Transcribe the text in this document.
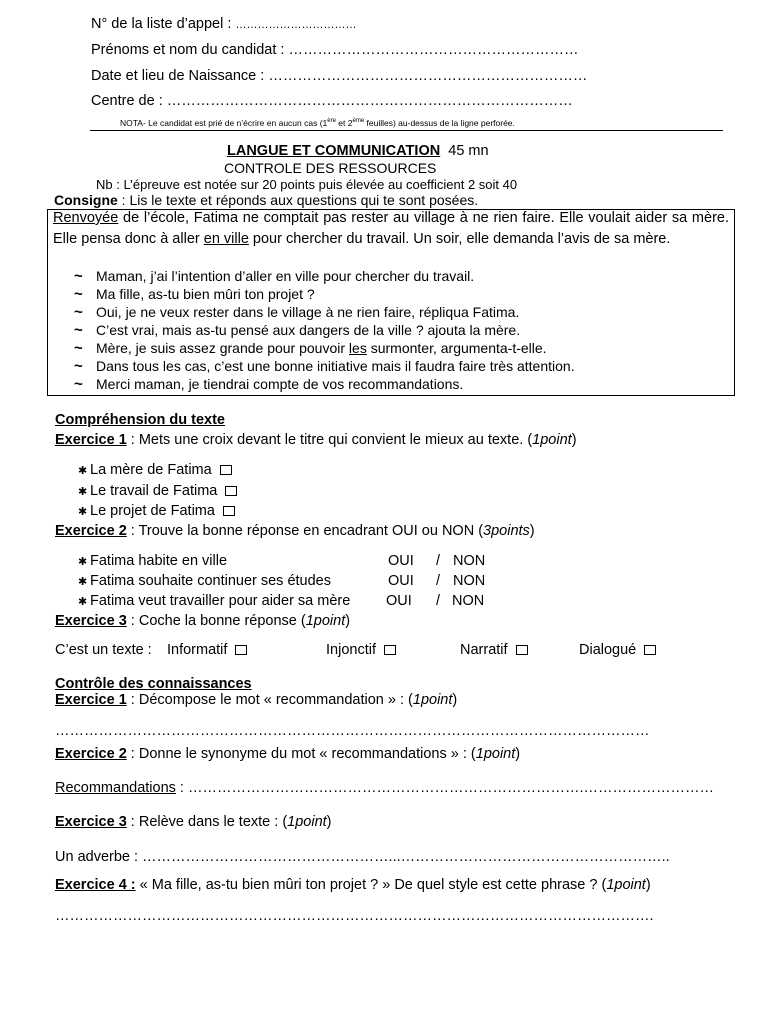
N° de la liste d’appel : ……………………………
Prénoms et nom du candidat : ……………………………………………………
Date et lieu de Naissance : …………………………………………………………
Centre de : …………………………………………………………………………
NOTA- Le candidat est prié de n’écrire en aucun cas (1ère et 2ème feuilles) au-dessus de la ligne perforée.
LANGUE ET COMMUNICATION 45 mn
CONTROLE DES RESSOURCES
Nb : L’épreuve est notée sur 20 points puis élevée au coefficient 2 soit 40
Consigne : Lis le texte et réponds aux questions qui te sont posées.
Renvoyée de l’école, Fatima ne comptait pas rester au village à ne rien faire. Elle voulait aider sa mère. Elle pensa donc à aller en ville pour chercher du travail. Un soir, elle demanda l’avis de sa mère.
~ Maman, j’ai l’intention d’aller en ville pour chercher du travail.
~ Ma fille, as-tu bien mûri ton projet ?
~ Oui, je ne veux rester dans le village à ne rien faire, répliqua Fatima.
~ C’est vrai, mais as-tu pensé aux dangers de la ville ? ajouta la mère.
~ Mère, je suis assez grande pour pouvoir les surmonter, argumenta-t-elle.
~ Dans tous les cas, c’est une bonne initiative mais il faudra faire très attention.
~ Merci maman, je tiendrai compte de vos recommandations.
Compréhension du texte
Exercice 1 : Mets une croix devant le titre qui convient le mieux au texte. (1point)
✱ La mère de Fatima
✱ Le travail de Fatima
✱ Le projet de Fatima
Exercice 2 : Trouve la bonne réponse en encadrant OUI ou NON (3points)
✱ Fatima habite en ville	OUI / NON
✱ Fatima souhaite continuer ses études	OUI / NON
✱ Fatima veut travailler pour aider sa mère OUI / NON
Exercice 3 : Coche la bonne réponse (1point)
C’est un texte : Informatif	Injonctif	Narratif	Dialogué
Contrôle des connaissances
Exercice 1 : Décompose le mot « recommandation » : (1point)
……………………………………………………………………………………………………………
Exercice 2 : Donne le synonyme du mot « recommandations » : (1point)
Recommandations : ……………………………………………………………………….………………………
Exercice 3 : Relève dans le texte : (1point)
Un adverbe : ……………………………………………...………………………………………………..
Exercice 4 : « Ma fille, as-tu bien mûri ton projet ? » De quel style est cette phrase ? (1point)
…………………………………………………………………………………………………………….
